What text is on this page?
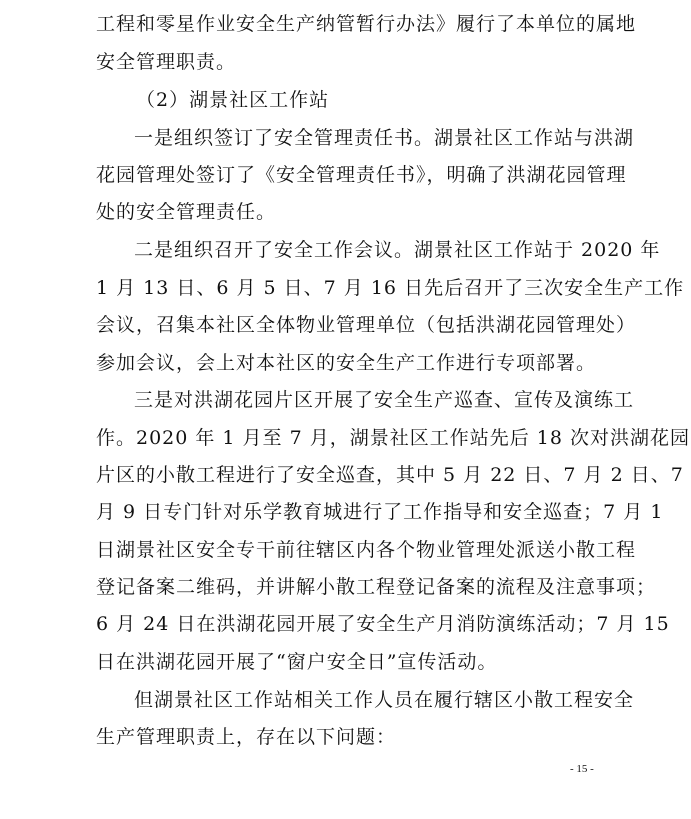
工程和零星作业安全生产纳管暂行办法》履行了本单位的属地
安全管理职责。
（2）湖景社区工作站
一是组织签订了安全管理责任书。湖景社区工作站与洪湖
花园管理处签订了《安全管理责任书》，明确了洪湖花园管理
处的安全管理责任。
二是组织召开了安全工作会议。湖景社区工作站于 2020 年
1 月 13 日、6 月 5 日、7 月 16 日先后召开了三次安全生产工作
会议，召集本社区全体物业管理单位（包括洪湖花园管理处）
参加会议，会上对本社区的安全生产工作进行专项部署。
三是对洪湖花园片区开展了安全生产巡查、宣传及演练工
作。2020 年 1 月至 7 月，湖景社区工作站先后 18 次对洪湖花园
片区的小散工程进行了安全巡查，其中 5 月 22 日、7 月 2 日、7
月 9 日专门针对乐学教育城进行了工作指导和安全巡查；7 月 1
日湖景社区安全专干前往辖区内各个物业管理处派送小散工程
登记备案二维码，并讲解小散工程登记备案的流程及注意事项；
6 月 24 日在洪湖花园开展了安全生产月消防演练活动；7 月 15
日在洪湖花园开展了“窗户安全日”宣传活动。
但湖景社区工作站相关工作人员在履行辖区小散工程安全
生产管理职责上，存在以下问题：
- 15 -
